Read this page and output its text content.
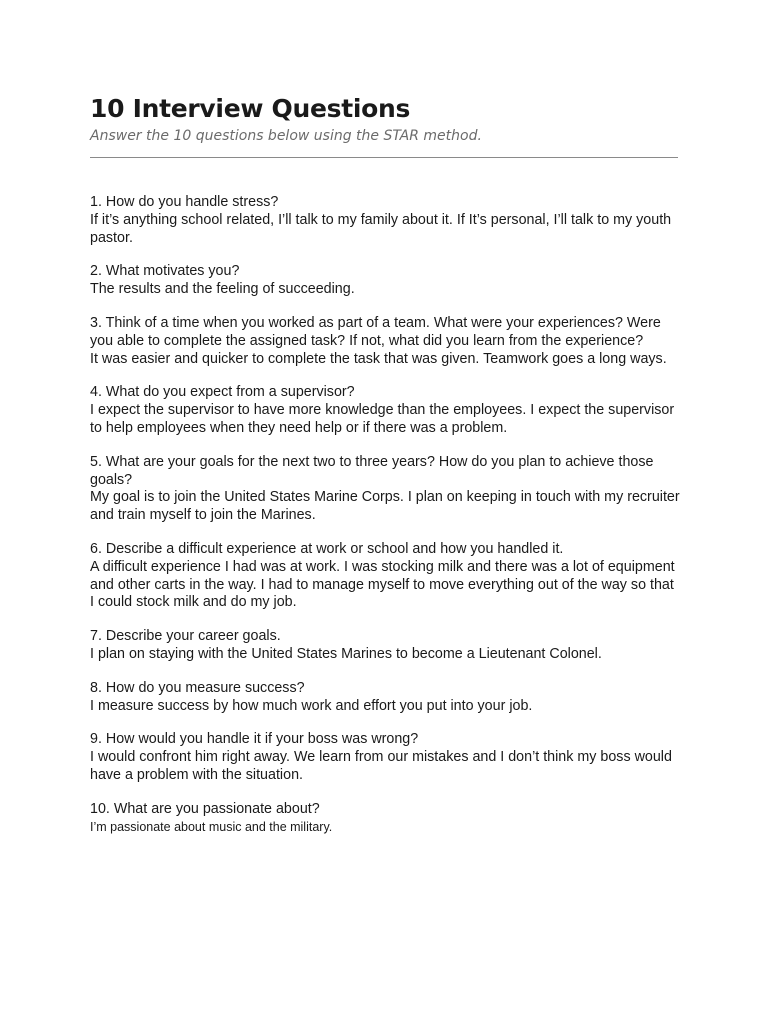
10 Interview Questions

Answer the 10 questions below using the STAR method.

1. How do you handle stress?

If it’s anything school related, I’ll talk to my family about it. If It’s personal, I’ll talk to my youth pastor.

2. What motivates you?

The results and the feeling of succeeding.

3. Think of a time when you worked as part of a team. What were your experiences? Were you able to complete the assigned task? If not, what did you learn from the experience?

It was easier and quicker to complete the task that was given. Teamwork goes a long ways.

4. What do you expect from a supervisor?

I expect the supervisor to have more knowledge than the employees. I expect the supervisor to help employees when they need help or if there was a problem.

5. What are your goals for the next two to three years? How do you plan to achieve those goals?

My goal is to join the United States Marine Corps. I plan on keeping in touch with my recruiter and train myself to join the Marines.

6. Describe a difficult experience at work or school and how you handled it.

A difficult experience I had was at work. I was stocking milk and there was a lot of equipment and other carts in the way. I had to manage myself to move everything out of the way so that I could stock milk and do my job.

7. Describe your career goals.

I plan on staying with the United States Marines to become a Lieutenant Colonel.

8. How do you measure success?

I measure success by how much work and effort you put into your job.

9. How would you handle it if your boss was wrong?

I would confront him right away. We learn from our mistakes and I don’t think my boss would have a problem with the situation.

10. What are you passionate about?

I’m passionate about music and the military.
